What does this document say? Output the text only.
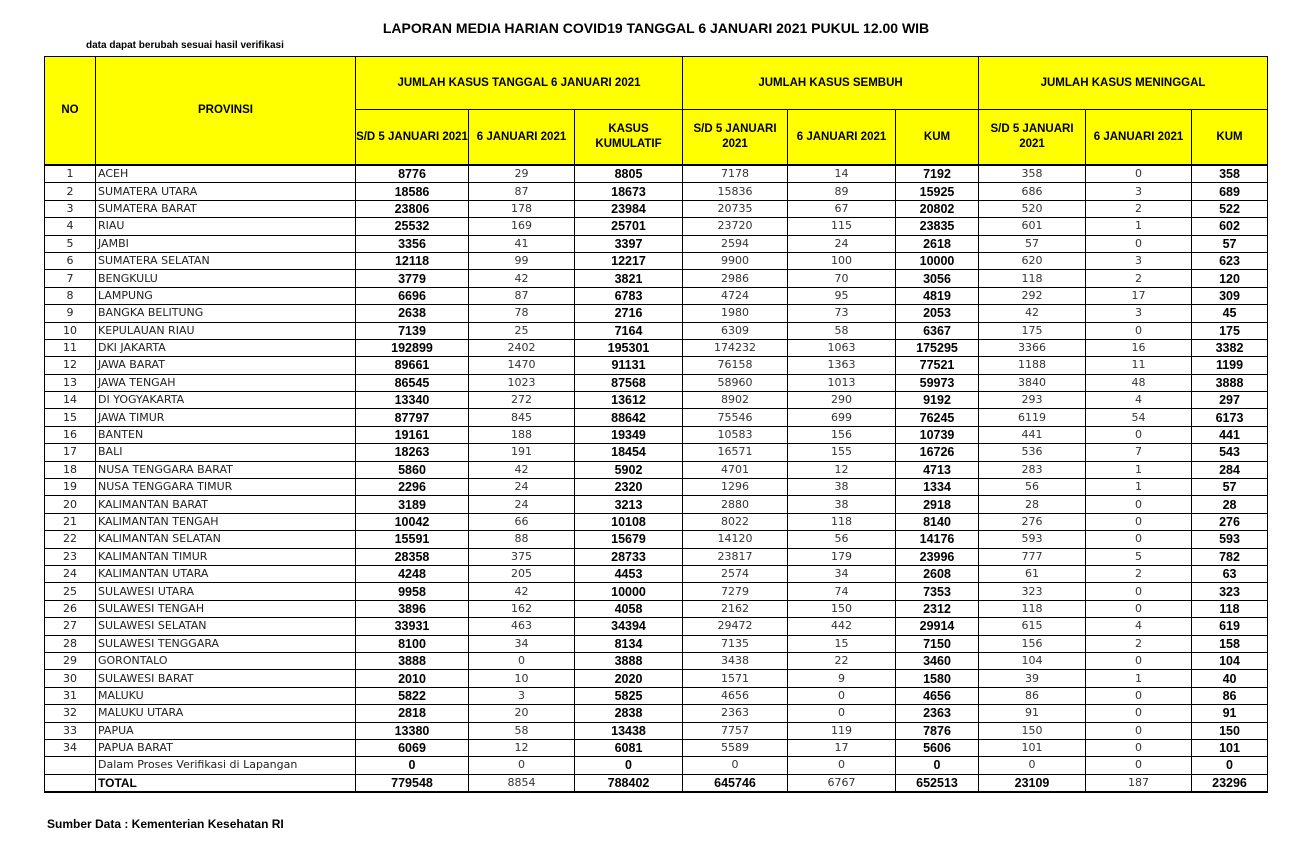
LAPORAN MEDIA HARIAN COVID19 TANGGAL 6 JANUARI 2021 PUKUL 12.00 WIB
data dapat berubah sesuai hasil verifikasi
NO	PROVINSI	JUMLAH KASUS TANGGAL 6 JANUARI 2021			JUMLAH KASUS SEMBUH			JUMLAH KASUS MENINGGAL		
		S/D 5 JANUARI 2021	6 JANUARI 2021	KASUS KUMULATIF	S/D 5 JANUARI 2021	6 JANUARI 2021	KUM	S/D 5 JANUARI 2021	6 JANUARI 2021	KUM
1	ACEH	8776	29	8805	7178	14	7192	358	0	358
2	SUMATERA UTARA	18586	87	18673	15836	89	15925	686	3	689
3	SUMATERA BARAT	23806	178	23984	20735	67	20802	520	2	522
4	RIAU	25532	169	25701	23720	115	23835	601	1	602
5	JAMBI	3356	41	3397	2594	24	2618	57	0	57
6	SUMATERA SELATAN	12118	99	12217	9900	100	10000	620	3	623
7	BENGKULU	3779	42	3821	2986	70	3056	118	2	120
8	LAMPUNG	6696	87	6783	4724	95	4819	292	17	309
9	BANGKA BELITUNG	2638	78	2716	1980	73	2053	42	3	45
10	KEPULAUAN RIAU	7139	25	7164	6309	58	6367	175	0	175
11	DKI JAKARTA	192899	2402	195301	174232	1063	175295	3366	16	3382
12	JAWA BARAT	89661	1470	91131	76158	1363	77521	1188	11	1199
13	JAWA TENGAH	86545	1023	87568	58960	1013	59973	3840	48	3888
14	DI YOGYAKARTA	13340	272	13612	8902	290	9192	293	4	297
15	JAWA TIMUR	87797	845	88642	75546	699	76245	6119	54	6173
16	BANTEN	19161	188	19349	10583	156	10739	441	0	441
17	BALI	18263	191	18454	16571	155	16726	536	7	543
18	NUSA TENGGARA BARAT	5860	42	5902	4701	12	4713	283	1	284
19	NUSA TENGGARA TIMUR	2296	24	2320	1296	38	1334	56	1	57
20	KALIMANTAN BARAT	3189	24	3213	2880	38	2918	28	0	28
21	KALIMANTAN TENGAH	10042	66	10108	8022	118	8140	276	0	276
22	KALIMANTAN SELATAN	15591	88	15679	14120	56	14176	593	0	593
23	KALIMANTAN TIMUR	28358	375	28733	23817	179	23996	777	5	782
24	KALIMANTAN UTARA	4248	205	4453	2574	34	2608	61	2	63
25	SULAWESI UTARA	9958	42	10000	7279	74	7353	323	0	323
26	SULAWESI TENGAH	3896	162	4058	2162	150	2312	118	0	118
27	SULAWESI SELATAN	33931	463	34394	29472	442	29914	615	4	619
28	SULAWESI TENGGARA	8100	34	8134	7135	15	7150	156	2	158
29	GORONTALO	3888	0	3888	3438	22	3460	104	0	104
30	SULAWESI BARAT	2010	10	2020	1571	9	1580	39	1	40
31	MALUKU	5822	3	5825	4656	0	4656	86	0	86
32	MALUKU UTARA	2818	20	2838	2363	0	2363	91	0	91
33	PAPUA	13380	58	13438	7757	119	7876	150	0	150
34	PAPUA BARAT	6069	12	6081	5589	17	5606	101	0	101
	Dalam Proses Verifikasi di Lapangan	0	0	0	0	0	0	0	0	0
	TOTAL	779548	8854	788402	645746	6767	652513	23109	187	23296
Sumber Data : Kementerian Kesehatan RI
